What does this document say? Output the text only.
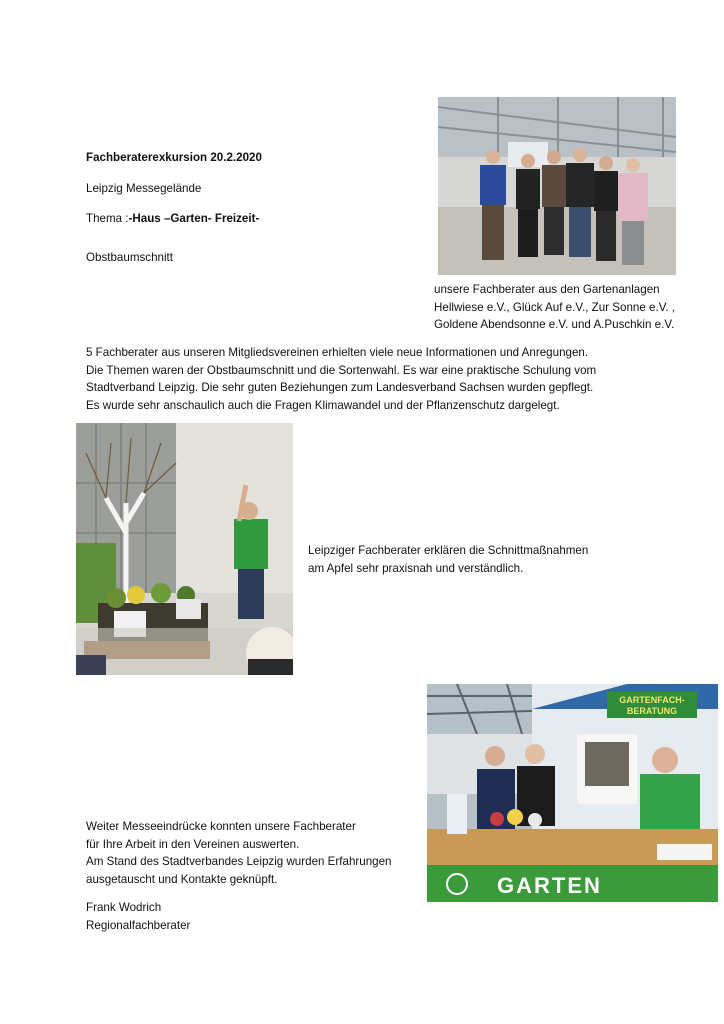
Fachberaterexkursion 20.2.2020
Leipzig Messegelände
Thema :-Haus –Garten- Freizeit-
Obstbaumschnitt
unsere Fachberater aus den Gartenanlagen
Hellwiese e.V., Glück Auf e.V., Zur Sonne e.V. ,
Goldene Abendsonne e.V. und A.Puschkin e.V.
5 Fachberater aus unseren Mitgliedsvereinen erhielten viele neue Informationen und Anregungen.
Die Themen waren der Obstbaumschnitt und die Sortenwahl. Es war eine praktische Schulung vom
Stadtverband Leipzig. Die sehr guten Beziehungen zum Landesverband Sachsen wurden gepflegt.
Es wurde sehr anschaulich auch die Fragen Klimawandel und der Pflanzenschutz dargelegt.
Leipziger Fachberater erklären die Schnittmaßnahmen
am Apfel sehr praxisnah und verständlich.
GARTENFACH-
BERATUNG
GARTEN
Weiter Messeeindrücke konnten unsere Fachberater
für Ihre Arbeit in den Vereinen auswerten.
Am Stand des Stadtverbandes Leipzig wurden Erfahrungen
ausgetauscht und Kontakte geknüpft.
Frank Wodrich
Regionalfachberater
